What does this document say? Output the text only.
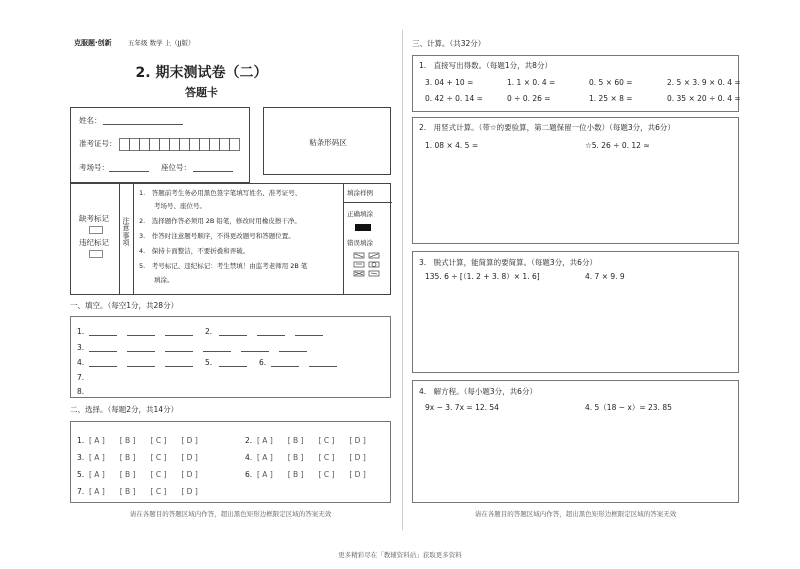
克服题·创新	五年级 数学 上（JJ版）
2. 期末测试卷（二）
答题卡
姓名：
准考证号：
考场号：	座位号：
粘条形码区
缺考标记
违纪标记
注意事项
1.　答题前考生务必用黑色签字笔填写姓名、准考证号、
考场号、座位号。
2.　选择题作答必须用 2B 铅笔，修改时用橡皮擦干净。
3.　作答时注意题号顺序，不得更改题号和答题位置。
4.　保持卡面整洁，不要折叠和弄破。
5.　考号标记、违纪标记：考生禁填！由监考老师用 2B 笔
填涂。
填涂样例
正确填涂
错误填涂
一、填空。（每空1分，共28分）
1.	2.
3.
4.	5.	6.
7.
8.
二、选择。（每题2分，共14分）
1. [ A ]　　[ B ]　　[ C ]　　[ D ]	2. [ A ]　　[ B ]　　[ C ]　　[ D ]
3. [ A ]　　[ B ]　　[ C ]　　[ D ]	4. [ A ]　　[ B ]　　[ C ]　　[ D ]
5. [ A ]　　[ B ]　　[ C ]　　[ D ]	6. [ A ]　　[ B ]　　[ C ]　　[ D ]
7. [ A ]　　[ B ]　　[ C ]　　[ D ]
请在各题目的答题区域内作答，超出黑色矩形边框限定区域的答案无效
三、计算。（共32分）
1.　直接写出得数。（每题1分，共8分）
3. 04 + 10 =	1. 1 × 0. 4 =	0. 5 × 60 =	2. 5 × 3. 9 × 0. 4 =
0. 42 ÷ 0. 14 =	0 ÷ 0. 26 =	1. 25 × 8 =	0. 35 × 20 ÷ 0. 4 =
2.　用竖式计算。（带☆的要验算，第二题保留一位小数）（每题3分，共6分）
1. 08 × 4. 5 =	☆5. 26 ÷ 0. 12 ≈
3.　脱式计算，能简算的要简算。（每题3分，共6分）
135. 6 ÷ [（1. 2 + 3. 8）× 1. 6]	4. 7 × 9. 9
4.　解方程。（每小题3分，共6分）
9x − 3. 7x = 12. 54	4. 5（18 − x）= 23. 85
请在各题目的答题区域内作答，超出黑色矩形边框限定区域的答案无效
更多精彩尽在「教辅资料站」获取更多资料
